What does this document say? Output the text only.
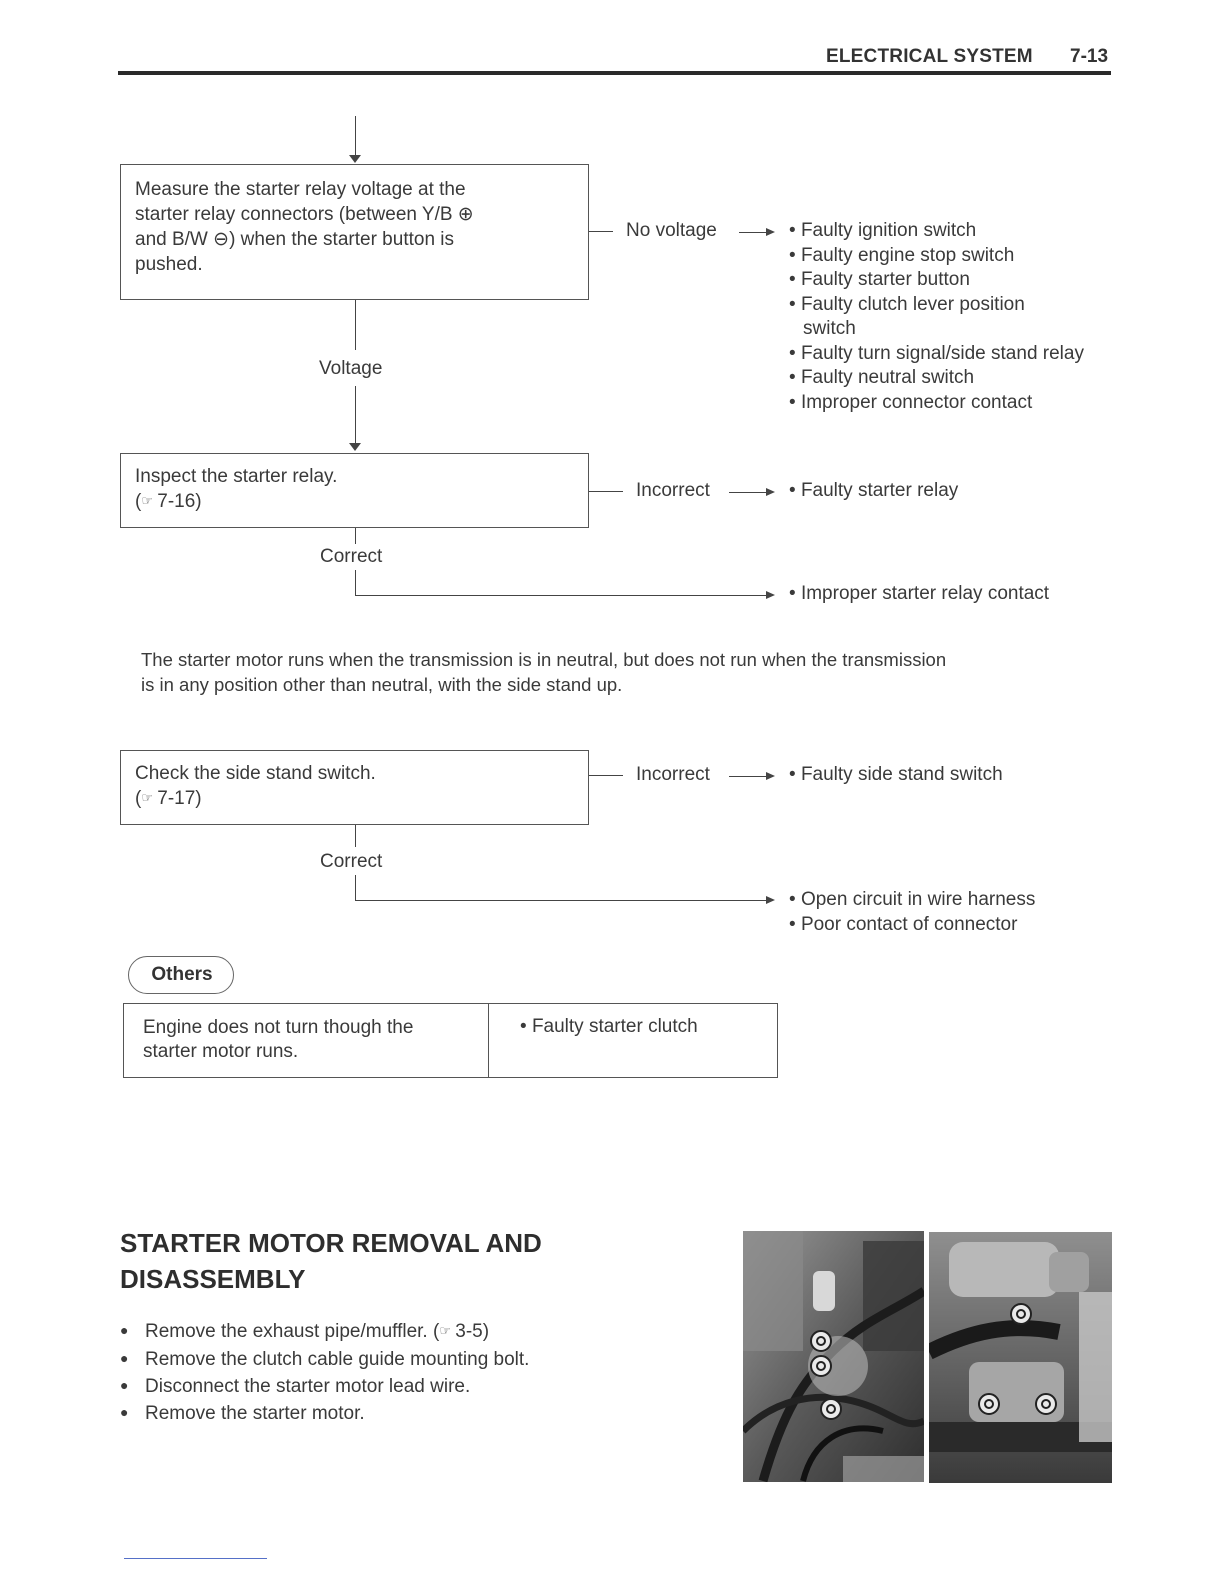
ELECTRICAL SYSTEM 7-13
Measure the starter relay voltage at the
starter relay connectors (between Y/B ⊕
and B/W ⊖) when the starter button is
pushed.
No voltage	• Faulty ignition switch
• Faulty engine stop switch
• Faulty starter button
• Faulty clutch lever position switch
• Faulty turn signal/side stand relay
• Faulty neutral switch
• Improper connector contact
Voltage
Inspect the starter relay.
(☞ 7-16)
Incorrect	• Faulty starter relay
Correct
• Improper starter relay contact
The starter motor runs when the transmission is in neutral, but does not run when the transmission
is in any position other than neutral, with the side stand up.
Check the side stand switch.
(☞ 7-17)
Incorrect	• Faulty side stand switch
Correct
• Open circuit in wire harness
• Poor contact of connector
Others
Engine does not turn though the
starter motor runs.
• Faulty starter clutch
STARTER MOTOR REMOVAL AND
DISASSEMBLY
● Remove the exhaust pipe/muffler. (☞ 3-5)
● Remove the clutch cable guide mounting bolt.
● Disconnect the starter motor lead wire.
● Remove the starter motor.
